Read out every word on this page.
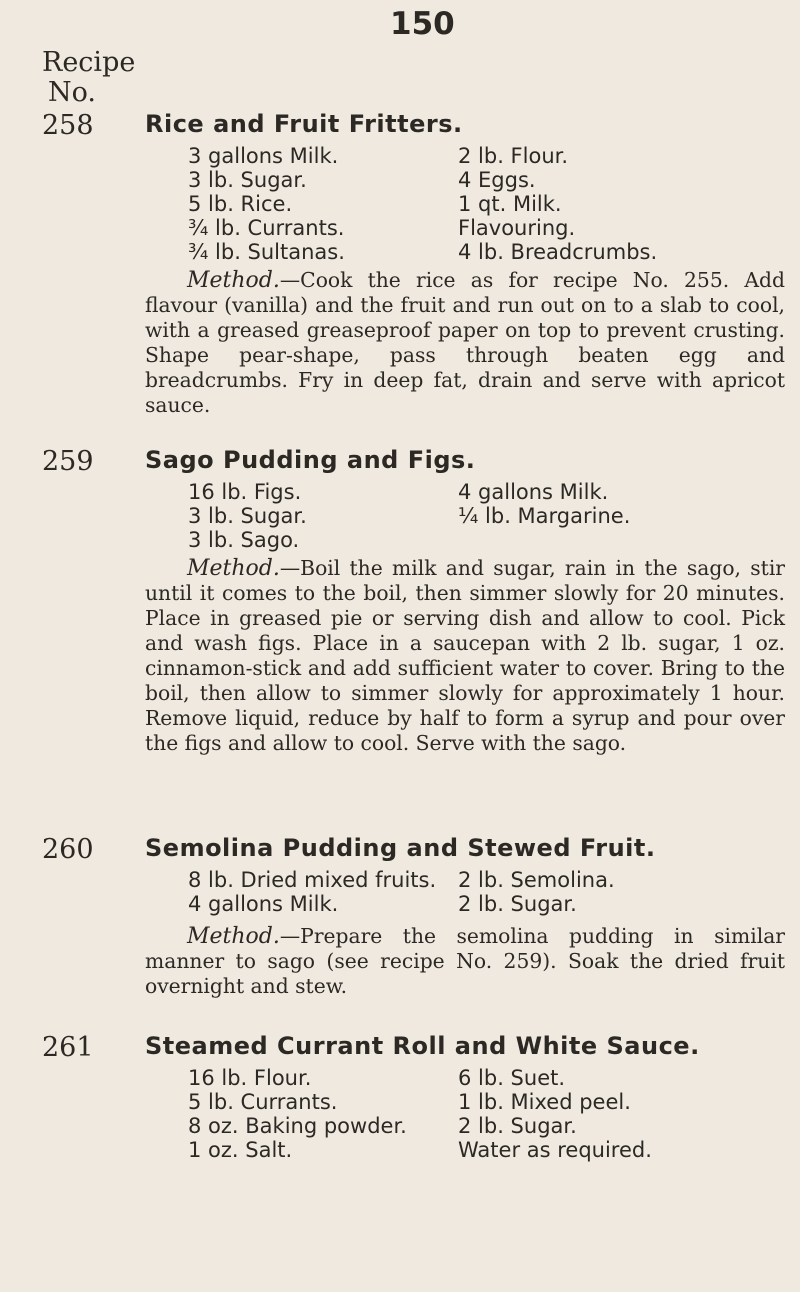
150
Recipe
No.
258 Rice and Fruit Fritters.
3 gallons Milk.	2 lb. Flour.
3 lb. Sugar.	4 Eggs.
5 lb. Rice.	1 qt. Milk.
¾ lb. Currants.	Flavouring.
¾ lb. Sultanas.	4 lb. Breadcrumbs.
Method.—Cook the rice as for recipe No. 255. Add flavour (vanilla) and the fruit and run out on to a slab to cool, with a greased greaseproof paper on top to prevent crusting. Shape pear-shape, pass through beaten egg and breadcrumbs. Fry in deep fat, drain and serve with apricot sauce.
259 Sago Pudding and Figs.
16 lb. Figs.	4 gallons Milk.
3 lb. Sugar.	¼ lb. Margarine.
3 lb. Sago.
Method.—Boil the milk and sugar, rain in the sago, stir until it comes to the boil, then simmer slowly for 20 minutes. Place in greased pie or serving dish and allow to cool. Pick and wash figs. Place in a saucepan with 2 lb. sugar, 1 oz. cinnamon-stick and add sufficient water to cover. Bring to the boil, then allow to simmer slowly for approximately 1 hour. Remove liquid, reduce by half to form a syrup and pour over the figs and allow to cool. Serve with the sago.
260 Semolina Pudding and Stewed Fruit.
8 lb. Dried mixed fruits.	2 lb. Semolina.
4 gallons Milk.	2 lb. Sugar.
Method.—Prepare the semolina pudding in similar manner to sago (see recipe No. 259). Soak the dried fruit overnight and stew.
261 Steamed Currant Roll and White Sauce.
16 lb. Flour.	6 lb. Suet.
5 lb. Currants.	1 lb. Mixed peel.
8 oz. Baking powder.	2 lb. Sugar.
1 oz. Salt.	Water as required.
